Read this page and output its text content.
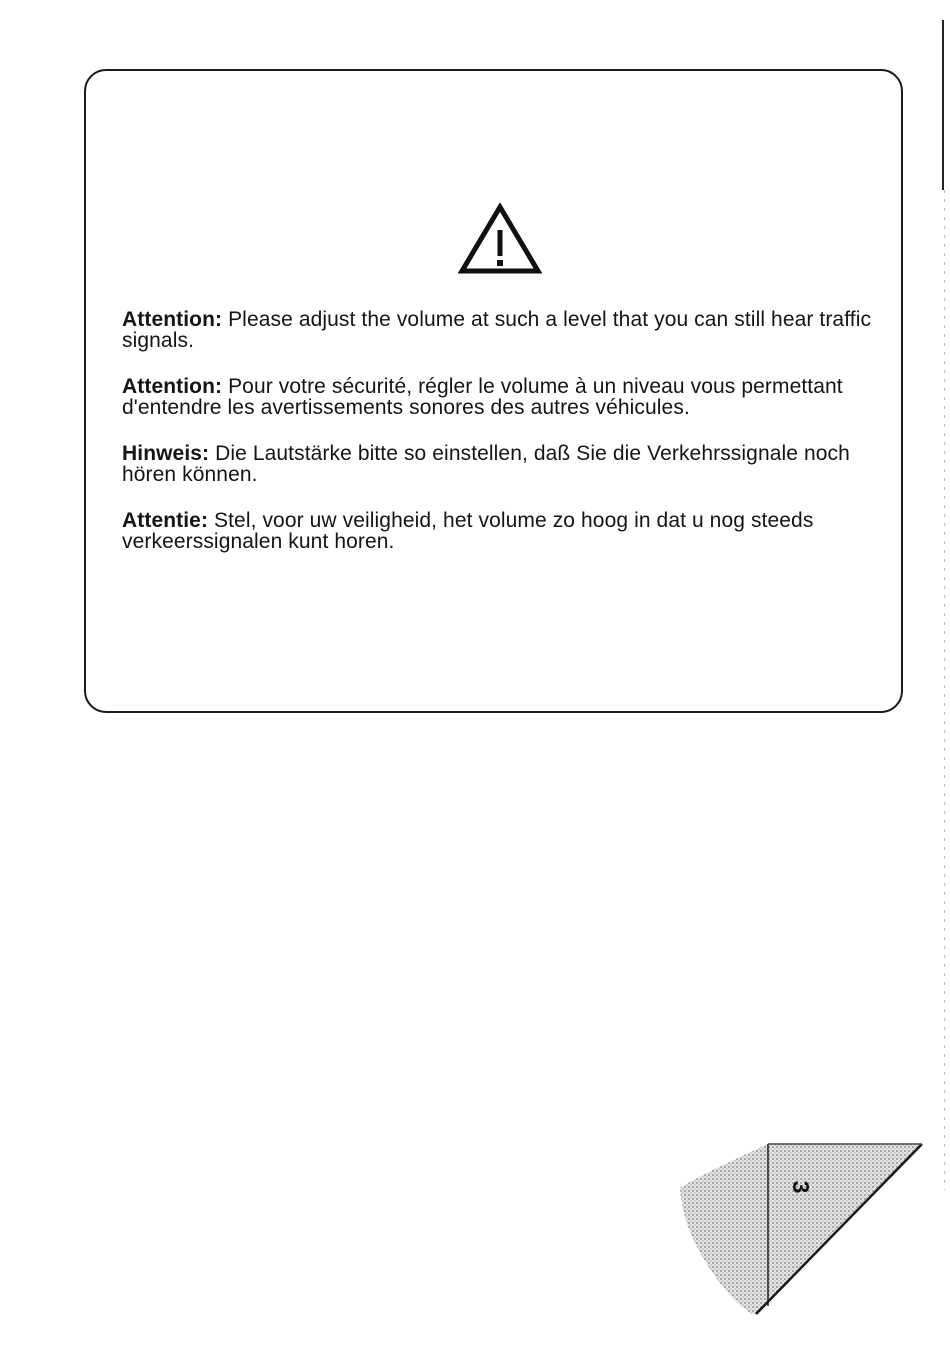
Attention: Please adjust the volume at such a level that you can still hear traffic signals.

Attention: Pour votre sécurité, régler le volume à un niveau vous permettant d'entendre les avertissements sonores des autres véhicules.

Hinweis: Die Lautstärke bitte so einstellen, daß Sie die Verkehrssignale noch hören können.

Attentie: Stel, voor uw veiligheid, het volume zo hoog in dat u nog steeds verkeerssignalen kunt horen.

3
